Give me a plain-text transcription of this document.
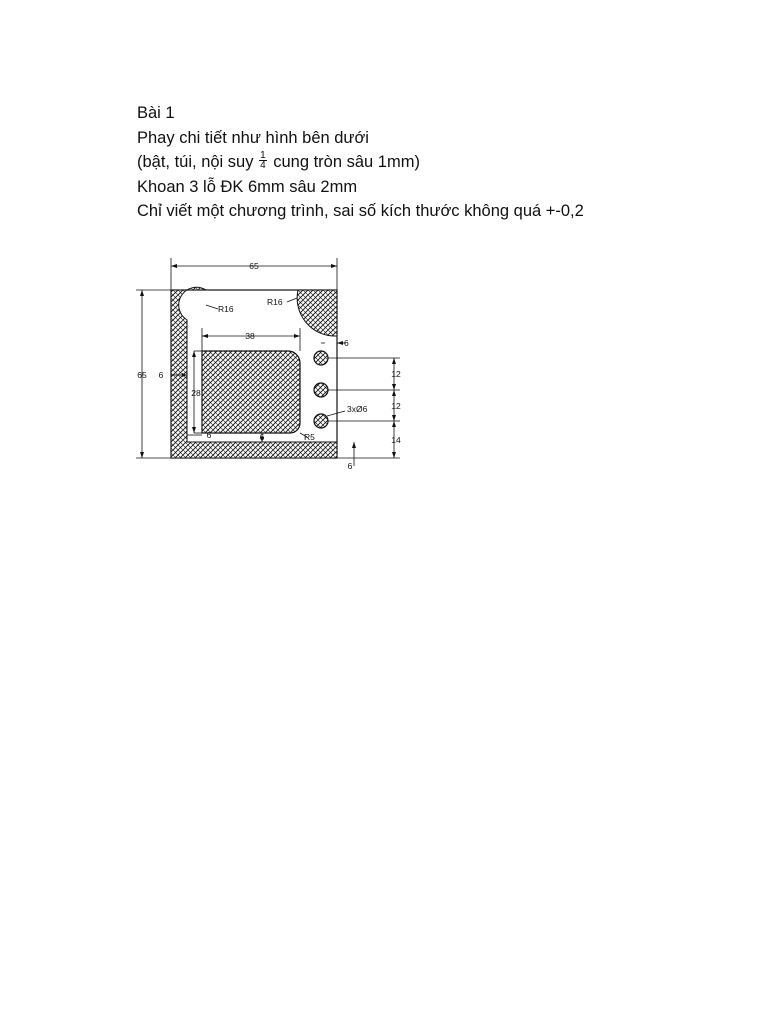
Bài 1
Phay chi tiết như hình bên dưới
(bật, túi, nội suy $\frac{1}{4}$ cung tròn sâu 1mm)
Khoan 3 lỗ ĐK 6mm sâu 2mm
Chỉ viết một chương trình, sai số kích thước không quá +-0,2
65
65 6
38
28
6	6
6
12
12
14
6
R16
R16
R5
3xØ6
